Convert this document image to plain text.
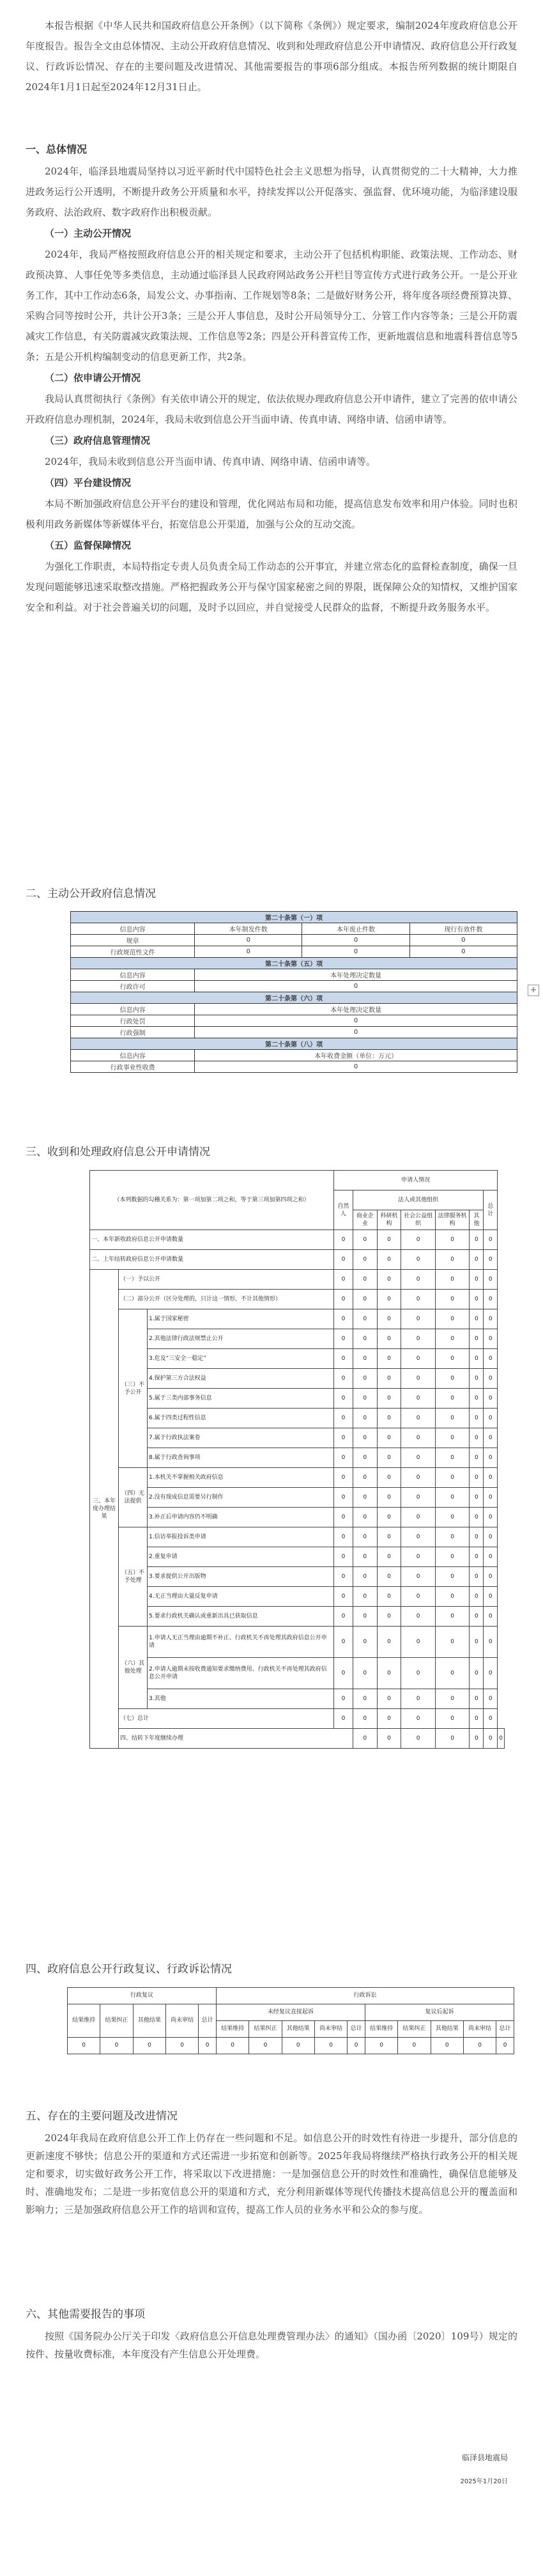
本报告根据《中华人民共和国政府信息公开条例》（以下简称《条例》）规定要求，编制2024年度政府信息公开年度报告。报告全文由总体情况、主动公开政府信息情况、收到和处理政府信息公开申请情况、政府信息公开行政复议、行政诉讼情况、存在的主要问题及改进情况、其他需要报告的事项6部分组成。本报告所列数据的统计期限自2024年1月1日起至2024年12月31日止。

一、总体情况

2024年，临泽县地震局坚持以习近平新时代中国特色社会主义思想为指导，认真贯彻党的二十大精神，大力推进政务运行公开透明，不断提升政务公开质量和水平，持续发挥以公开促落实、强监督、优环境功能，为临泽建设服务政府、法治政府、数字政府作出积极贡献。

（一）主动公开情况

2024年，我局严格按照政府信息公开的相关规定和要求，主动公开了包括机构职能、政策法规、工作动态、财政预决算、人事任免等多类信息，主动通过临泽县人民政府网站政务公开栏目等宣传方式进行政务公开。一是公开业务工作，其中工作动态6条，局发公文、办事指南、工作规划等8条；二是做好财务公开，将年度各项经费预算决算、采购合同等按时公开，共计公开3条；三是公开人事信息，及时公开局领导分工、分管工作内容等条；三是公开防震减灾工作信息，有关防震减灾政策法规、工作信息等2条；四是公开科普宣传工作，更新地震信息和地震科普信息等5条；五是公开机构编制变动的信息更新工作，共2条。

（二）依申请公开情况

我局认真贯彻执行《条例》有关依申请公开的规定，依法依规办理政府信息公开申请件，建立了完善的依申请公开政府信息办理机制，2024年，我局未收到信息公开当面申请、传真申请、网络申请、信函申请等。

（三）政府信息管理情况

2024年，我局未收到信息公开当面申请、传真申请、网络申请、信函申请等。

（四）平台建设情况

本局不断加强政府信息公开平台的建设和管理，优化网站布局和功能，提高信息发布效率和用户体验。同时也积极利用政务新媒体等新媒体平台，拓宽信息公开渠道，加强与公众的互动交流。

（五）监督保障情况

为强化工作职责，本局特指定专责人员负责全局工作动态的公开事宜，并建立常态化的监督检查制度，确保一旦发现问题能够迅速采取整改措施。严格把握政务公开与保守国家秘密之间的界限，既保障公众的知情权，又维护国家安全和利益。对于社会普遍关切的问题，及时予以回应，并自觉接受人民群众的监督，不断提升政务服务水平。

二、主动公开政府信息情况
第二十条第（一）项			
信息内容	本年制发件数	本年废止件数	现行有效件数
规章	0	0	0
行政规范性文件	0	0	0
第二十条第（五）项			
信息内容	本年处理决定数量		
行政许可	0		
第二十条第（六）项			
信息内容	本年处理决定数量		
行政处罚	0		
行政强制	0		
第二十条第（八）项			
信息内容	本年收费金额（单位：万元）		
行政事业性收费	0		
三、收到和处理政府信息公开申请情况
（本列数据的勾稽关系为：第一项加第二项之和，等于第三项加第四项之和）			申请人情况							
			自然人	法人或其他组织					总计	
				商业企业	科研机构	社会公益组织	法律服务机构	其他		
一、本年新收政府信息公开申请数量			0	0	0	0	0	0	0	
二、上年结转政府信息公开申请数量			0	0	0	0	0	0	0	
三、本年度办理结果	（一）予以公开		0	0	0	0	0	0	0	
	（二）部分公开（区分处理的，只计这一情形，不计其他情形）		0	0	0	0	0	0	0	
	（三）不予公开	1.属于国家秘密	0	0	0	0	0	0	0	
		2.其他法律行政法规禁止公开	0	0	0	0	0	0	0	
		3.危及“三安全一稳定”	0	0	0	0	0	0	0	
		4.保护第三方合法权益	0	0	0	0	0	0	0	
		5.属于三类内部事务信息	0	0	0	0	0	0	0	
		6.属于四类过程性信息	0	0	0	0	0	0	0	
		7.属于行政执法案卷	0	0	0	0	0	0	0	
		8.属于行政查询事项	0	0	0	0	0	0	0	
	（四）无法提供	1.本机关不掌握相关政府信息	0	0	0	0	0	0	0	
		2.没有现成信息需要另行制作	0	0	0	0	0	0	0	
		3.补正后申请内容仍不明确	0	0	0	0	0	0	0	
	（五）不予处理	1.信访举报投诉类申请	0	0	0	0	0	0	0	
		2.重复申请	0	0	0	0	0	0	0	
		3.要求提供公开出版物	0	0	0	0	0	0	0	
		4.无正当理由大量反复申请	0	0	0	0	0	0	0	
		5.要求行政机关确认或重新出具已获取信息	0	0	0	0	0	0	0	
	（六）其他处理	1.申请人无正当理由逾期不补正、行政机关不再处理其政府信息公开申请	0	0	0	0	0	0	0	
		2.申请人逾期未按收费通知要求缴纳费用、行政机关不再处理其政府信息公开申请	0	0	0	0	0	0	0	
		3.其他	0	0	0	0	0	0	0	
	（七）总计		0	0	0	0	0	0	0	
	四、结转下年度继续办理			0	0	0	0	0	0	0
+
四、政府信息公开行政复议、行政诉讼情况
行政复议					行政诉讼									
结果维持	结果纠正	其他结果	尚未审结	总计	未经复议直接起诉					复议后起诉				
					结果维持	结果纠正	其他结果	尚未审结	总计	结果维持	结果纠正	其他结果	尚未审结	总计
0	0	0	0	0	0	0	0	0	0	0	0	0	0	0
五、存在的主要问题及改进情况

2024年我局在政府信息公开工作上仍存在一些问题和不足。如信息公开的时效性有待进一步提升，部分信息的更新速度不够快；信息公开的渠道和方式还需进一步拓宽和创新等。2025年我局将继续严格执行政务公开的相关规定和要求，切实做好政务公开工作，将采取以下改进措施：一是加强信息公开的时效性和准确性，确保信息能够及时、准确地发布；二是进一步拓宽信息公开的渠道和方式，充分利用新媒体等现代传播技术提高信息公开的覆盖面和影响力；三是加强政府信息公开工作的培训和宣传，提高工作人员的业务水平和公众的参与度。

六、其他需要报告的事项

按照《国务院办公厅关于印发〈政府信息公开信息处理费管理办法〉的通知》（国办函〔2020〕109号）规定的按件、按量收费标准，本年度没有产生信息公开处理费。

临泽县地震局
2025年1月20日
